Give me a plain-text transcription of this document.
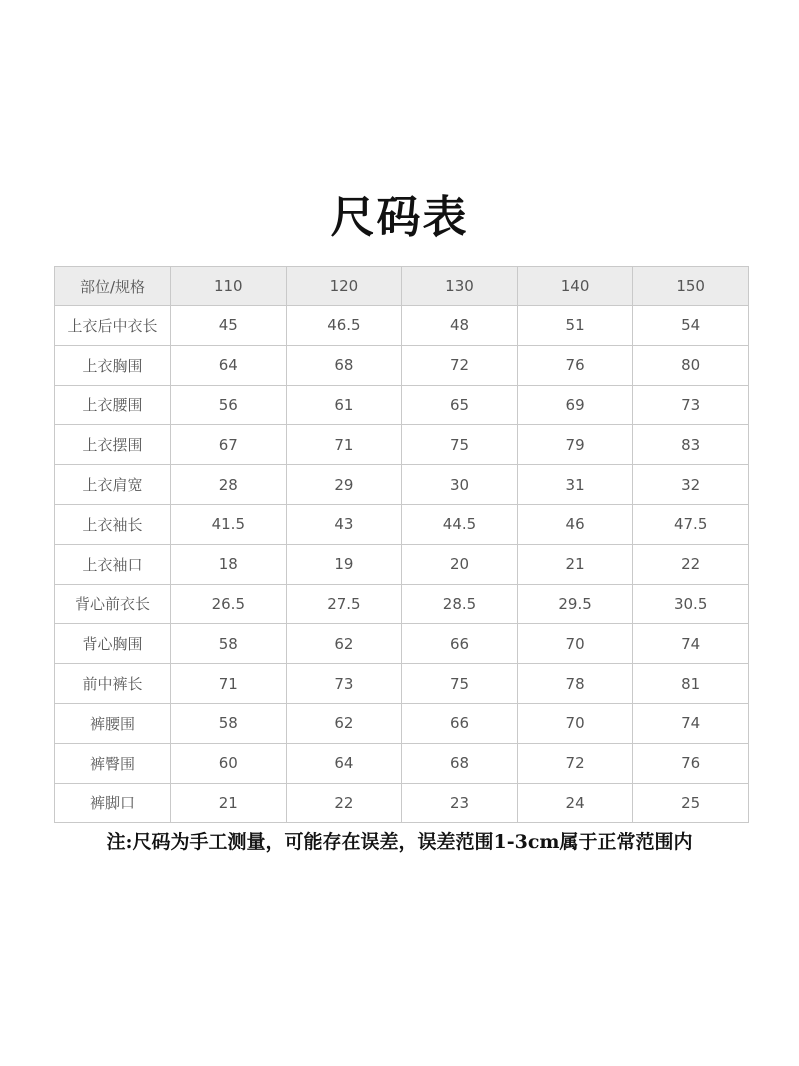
尺码表
部位/规格	110	120	130	140	150
上衣后中衣长	45	46.5	48	51	54
上衣胸围	64	68	72	76	80
上衣腰围	56	61	65	69	73
上衣摆围	67	71	75	79	83
上衣肩宽	28	29	30	31	32
上衣袖长	41.5	43	44.5	46	47.5
上衣袖口	18	19	20	21	22
背心前衣长	26.5	27.5	28.5	29.5	30.5
背心胸围	58	62	66	70	74
前中裤长	71	73	75	78	81
裤腰围	58	62	66	70	74
裤臀围	60	64	68	72	76
裤脚口	21	22	23	24	25
注:尺码为手工测量，可能存在误差，误差范围1-3cm属于正常范围内
